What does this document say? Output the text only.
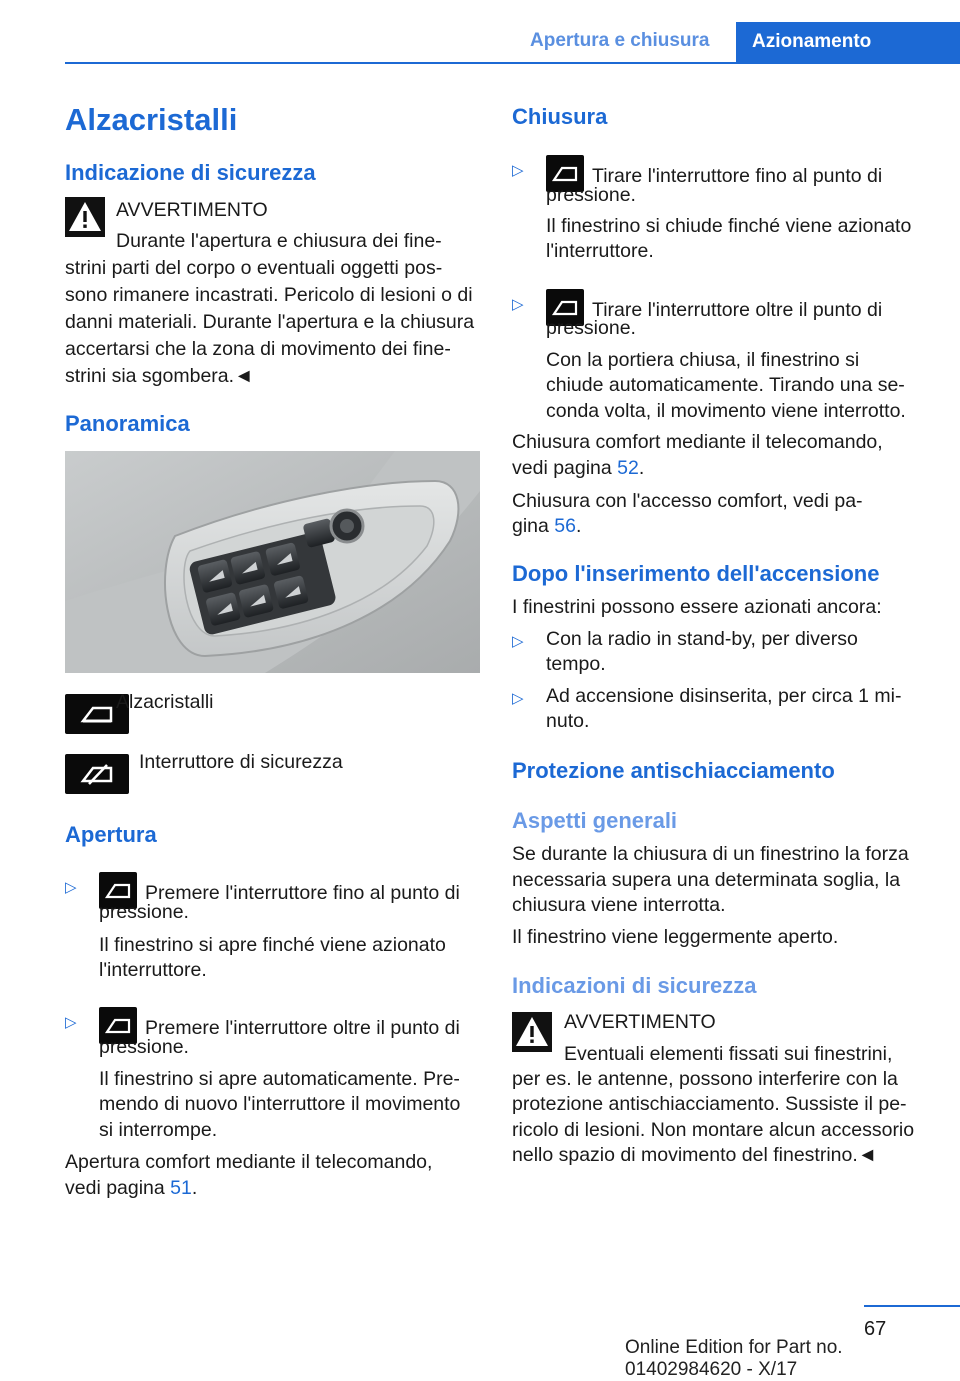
Apertura e chiusura	Azionamento
Alzacristalli
Indicazione di sicurezza
AVVERTIMENTO
Durante l'apertura e chiusura dei fine-
strini parti del corpo o eventuali oggetti pos-
sono rimanere incastrati. Pericolo di lesioni o di
danni materiali. Durante l'apertura e la chiusura
accertarsi che la zona di movimento dei fine-
strini sia sgombera.◄
Panoramica
Alzacristalli
Interruttore di sicurezza
Apertura
▷	Premere l'interruttore fino al punto di
pressione.
Il finestrino si apre finché viene azionato
l'interruttore.
▷	Premere l'interruttore oltre il punto di
pressione.
Il finestrino si apre automaticamente. Pre-
mendo di nuovo l'interruttore il movimento
si interrompe.
Apertura comfort mediante il telecomando,
vedi pagina 51.
Chiusura
▷	Tirare l'interruttore fino al punto di
pressione.
Il finestrino si chiude finché viene azionato
l'interruttore.
▷	Tirare l'interruttore oltre il punto di
pressione.
Con la portiera chiusa, il finestrino si
chiude automaticamente. Tirando una se-
conda volta, il movimento viene interrotto.
Chiusura comfort mediante il telecomando,
vedi pagina 52.
Chiusura con l'accesso comfort, vedi pa-
gina 56.
Dopo l'inserimento dell'accensione
I finestrini possono essere azionati ancora:
▷ Con la radio in stand-by, per diverso
tempo.
▷ Ad accensione disinserita, per circa 1 mi-
nuto.
Protezione antischiacciamento
Aspetti generali
Se durante la chiusura di un finestrino la forza
necessaria supera una determinata soglia, la
chiusura viene interrotta.
Il finestrino viene leggermente aperto.
Indicazioni di sicurezza
AVVERTIMENTO
Eventuali elementi fissati sui finestrini,
per es. le antenne, possono interferire con la
protezione antischiacciamento. Sussiste il pe-
ricolo di lesioni. Non montare alcun accessorio
nello spazio di movimento del finestrino.◄
67
Online Edition for Part no. 01402984620 - X/17
